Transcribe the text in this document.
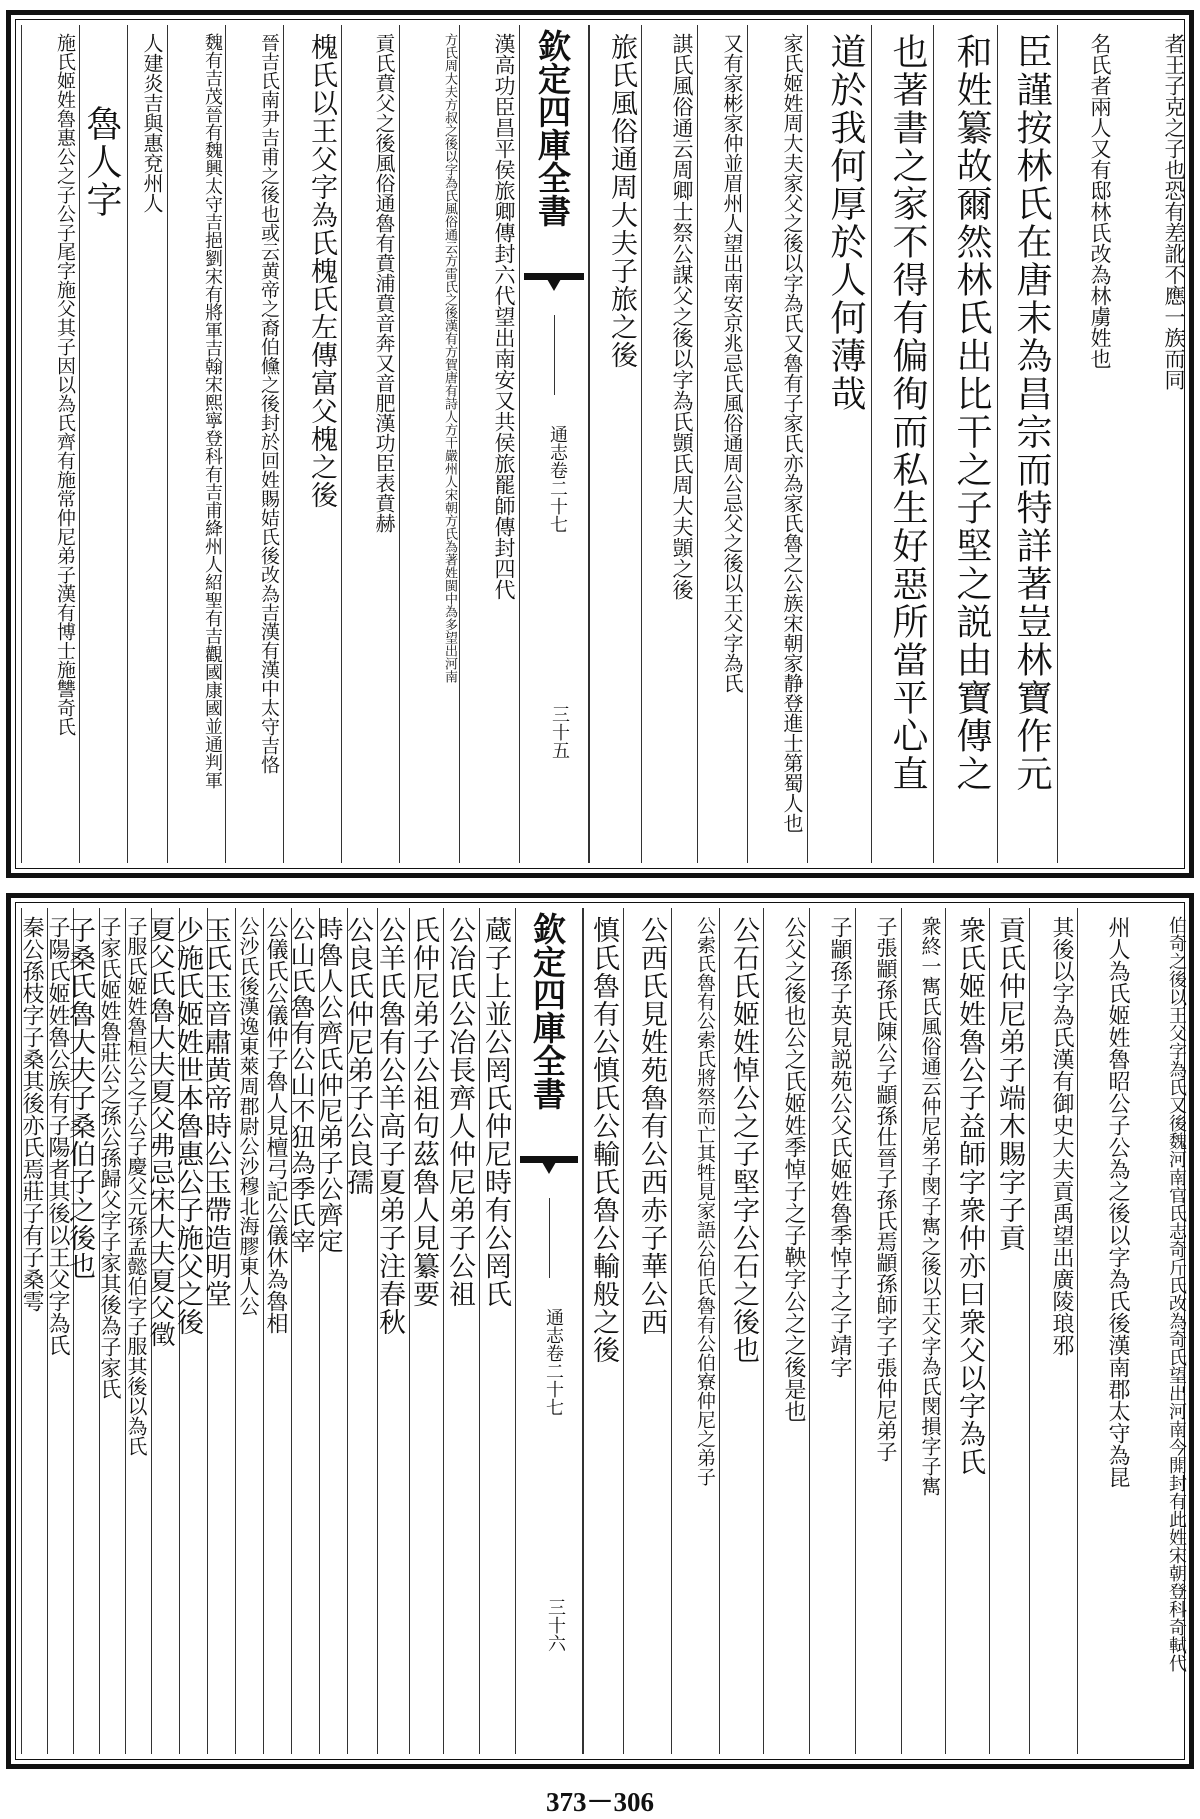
者王子克之子也恐有差訛不應一族而同
名氏者兩人又有邸林氏改為林虜姓也
臣謹按林氏在唐末為昌宗而特詳著豈林寶作元
和姓纂故爾然林氏出比干之子堅之説由寶傳之
也著書之家不得有偏徇而私生好惡所當平心直
道於我何厚於人何薄哉
家氏姬姓周大夫家父之後以字為氏又魯有子家氏亦為家氏魯之公族宋朝家静登進士第蜀人也
又有家彬家仲並眉州人望出南安京兆忌氏風俗通周公忌父之後以王父字為氏
諆氏風俗通云周卿士祭公謀父之後以字為氏顗氏周大夫顗之後
旅氏風俗通周大夫子旅之後
欽定四庫全書
通志卷二十七
三十五
漢高功臣昌平侯旅卿傳封六代望出南安又共侯旅罷師傳封四代
方氏周大夫方叔之後以字為氏風俗通云方雷氏之後漢有方賀唐有詩人方干嚴州人宋朝方氏為著姓閩中為多望出河南
貢氏賁父之後風俗通魯有賁浦賁音奔又音肥漢功臣表賁赫
槐氏以王父字為氏槐氏左傳富父槐之後
晉吉氏南尹吉甫之後也或云黄帝之裔伯儵之後封於回姓賜姞氏後改為吉漢有漢中太守吉恪
魏有吉茂晉有魏興太守吉挹劉宋有將軍吉翰宋熙寧登科有吉甫絳州人紹聖有吉觀國康國並通判軍
人建炎吉與惠兗州人
魯人字
施氏姬姓魯惠公之子公子尾字施父其子因以為氏齊有施常仲尼弟子漢有博士施讐奇氏
伯奇之後以王父字為氏又後魏河南官氏志奇斤氏改為奇氏望出河南今開封有此姓宋朝登科奇軾代
州人為氏姬姓魯昭公子公為之後以字為氏後漢南郡太守為昆
其後以字為氏漢有御史大夫貢禹望出廣陵琅邪
貢氏仲尼弟子端木賜字子貢
衆氏姬姓魯公子益師字衆仲亦曰衆父以字為氏
衆終一寯氏風俗通云仲尼弟子閔子寯之後以王父字為氏閔損字子寯
子張顓孫氏陳公子顓孫仕晉子孫氏焉顓孫師字子張仲尼弟子
子顓孫子英見説苑公父氏姬姓魯季悼子之子靖字
公父之後也公之氏姬姓季悼子之子鞅字公之之後是也
公石氏姬姓悼公之子堅字公石之後也
公索氏魯有公索氏將祭而亡其牲見家語公伯氏魯有公伯寮仲尼之弟子
公西氏見姓苑魯有公西赤子華公西
慎氏魯有公慎氏公輸氏魯公輸般之後
欽定四庫全書
通志卷二十七
三十六
蔵子上並公罔氏仲尼時有公罔氏
公冶氏公冶長齊人仲尼弟子公祖
氏仲尼弟子公祖句茲魯人見纂要
公羊氏魯有公羊高子夏弟子注春秋
公良氏仲尼弟子公良孺
時魯人公齊氏仲尼弟子公齊定
公山氏魯有公山不狃為季氏宰
公儀氏公儀仲子魯人見檀弓記公儀休為魯相
公沙氏後漢逸東萊周郡尉公沙穆北海膠東人公
玉氏玉音肅黄帝時公玉帶造明堂
少施氏姬姓世本魯惠公子施父之後
夏父氏魯大夫夏父弗忌宋大夫夏父徵
子服氏姬姓魯桓公之子公子慶父元孫孟懿伯字子服其後以為氏
子家氏姬姓魯莊公之孫公孫歸父字子家其後為子家氏
子桑氏魯大夫子桑伯子之後也
子陽氏姬姓魯公族有子陽者其後以王父字為氏
秦公孫枝字子桑其後亦氏焉莊子有子桑雩
373－306
